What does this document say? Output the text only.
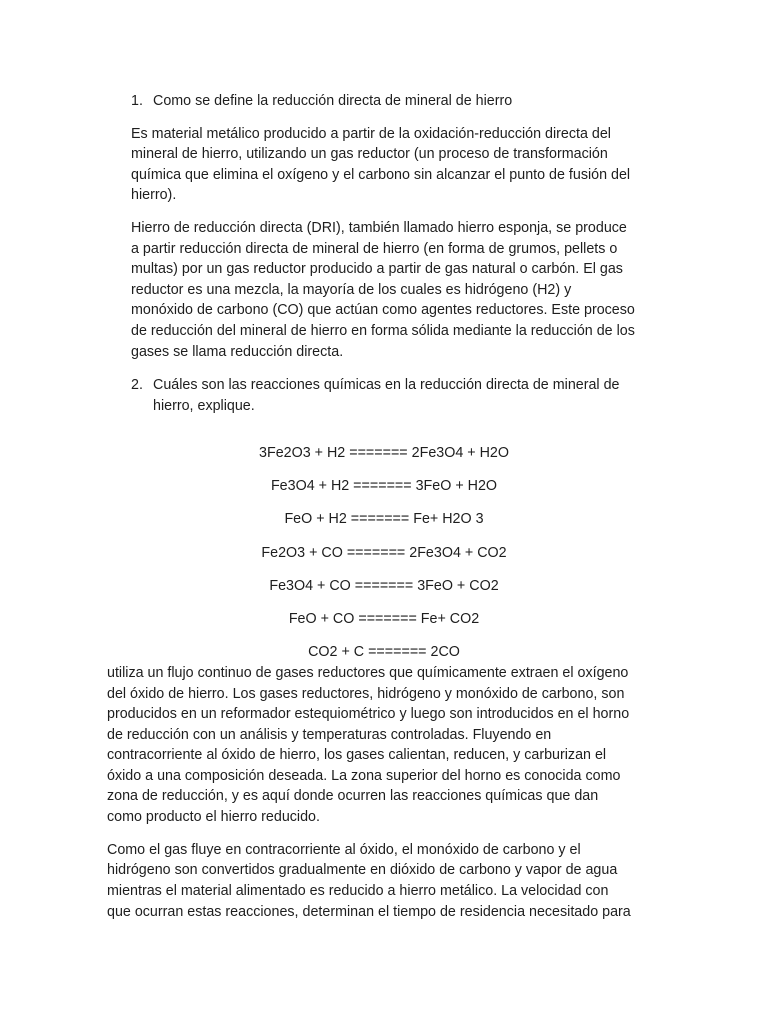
1. Como se define la reducción directa de mineral de hierro

Es material metálico producido a partir de la oxidación-reducción directa del

mineral de hierro, utilizando un gas reductor (un proceso de transformación

química que elimina el oxígeno y el carbono sin alcanzar el punto de fusión del

hierro).

Hierro de reducción directa (DRI), también llamado hierro esponja, se produce

a partir reducción directa de mineral de hierro (en forma de grumos, pellets o

multas) por un gas reductor producido a partir de gas natural o carbón. El gas

reductor es una mezcla, la mayoría de los cuales es hidrógeno (H2) y

monóxido de carbono (CO) que actúan como agentes reductores. Este proceso

de reducción del mineral de hierro en forma sólida mediante la reducción de los

gases se llama reducción directa.

2. Cuáles son las reacciones químicas en la reducción directa de mineral de

hierro, explique.

3Fe2O3 + H2 ======= 2Fe3O4 + H2O

Fe3O4 + H2 ======= 3FeO + H2O

FeO + H2 ======= Fe+ H2O 3

Fe2O3 + CO ======= 2Fe3O4 + CO2

Fe3O4 + CO ======= 3FeO + CO2

FeO + CO ======= Fe+ CO2

CO2 + C ======= 2CO

utiliza un flujo continuo de gases reductores que químicamente extraen el oxígeno

del óxido de hierro. Los gases reductores, hidrógeno y monóxido de carbono, son

producidos en un reformador estequiométrico y luego son introducidos en el horno

de reducción con un análisis y temperaturas controladas. Fluyendo en

contracorriente al óxido de hierro, los gases calientan, reducen, y carburizan el

óxido a una composición deseada. La zona superior del horno es conocida como

zona de reducción, y es aquí donde ocurren las reacciones químicas que dan

como producto el hierro reducido.

Como el gas fluye en contracorriente al óxido, el monóxido de carbono y el

hidrógeno son convertidos gradualmente en dióxido de carbono y vapor de agua

mientras el material alimentado es reducido a hierro metálico. La velocidad con

que ocurran estas reacciones, determinan el tiempo de residencia necesitado para
